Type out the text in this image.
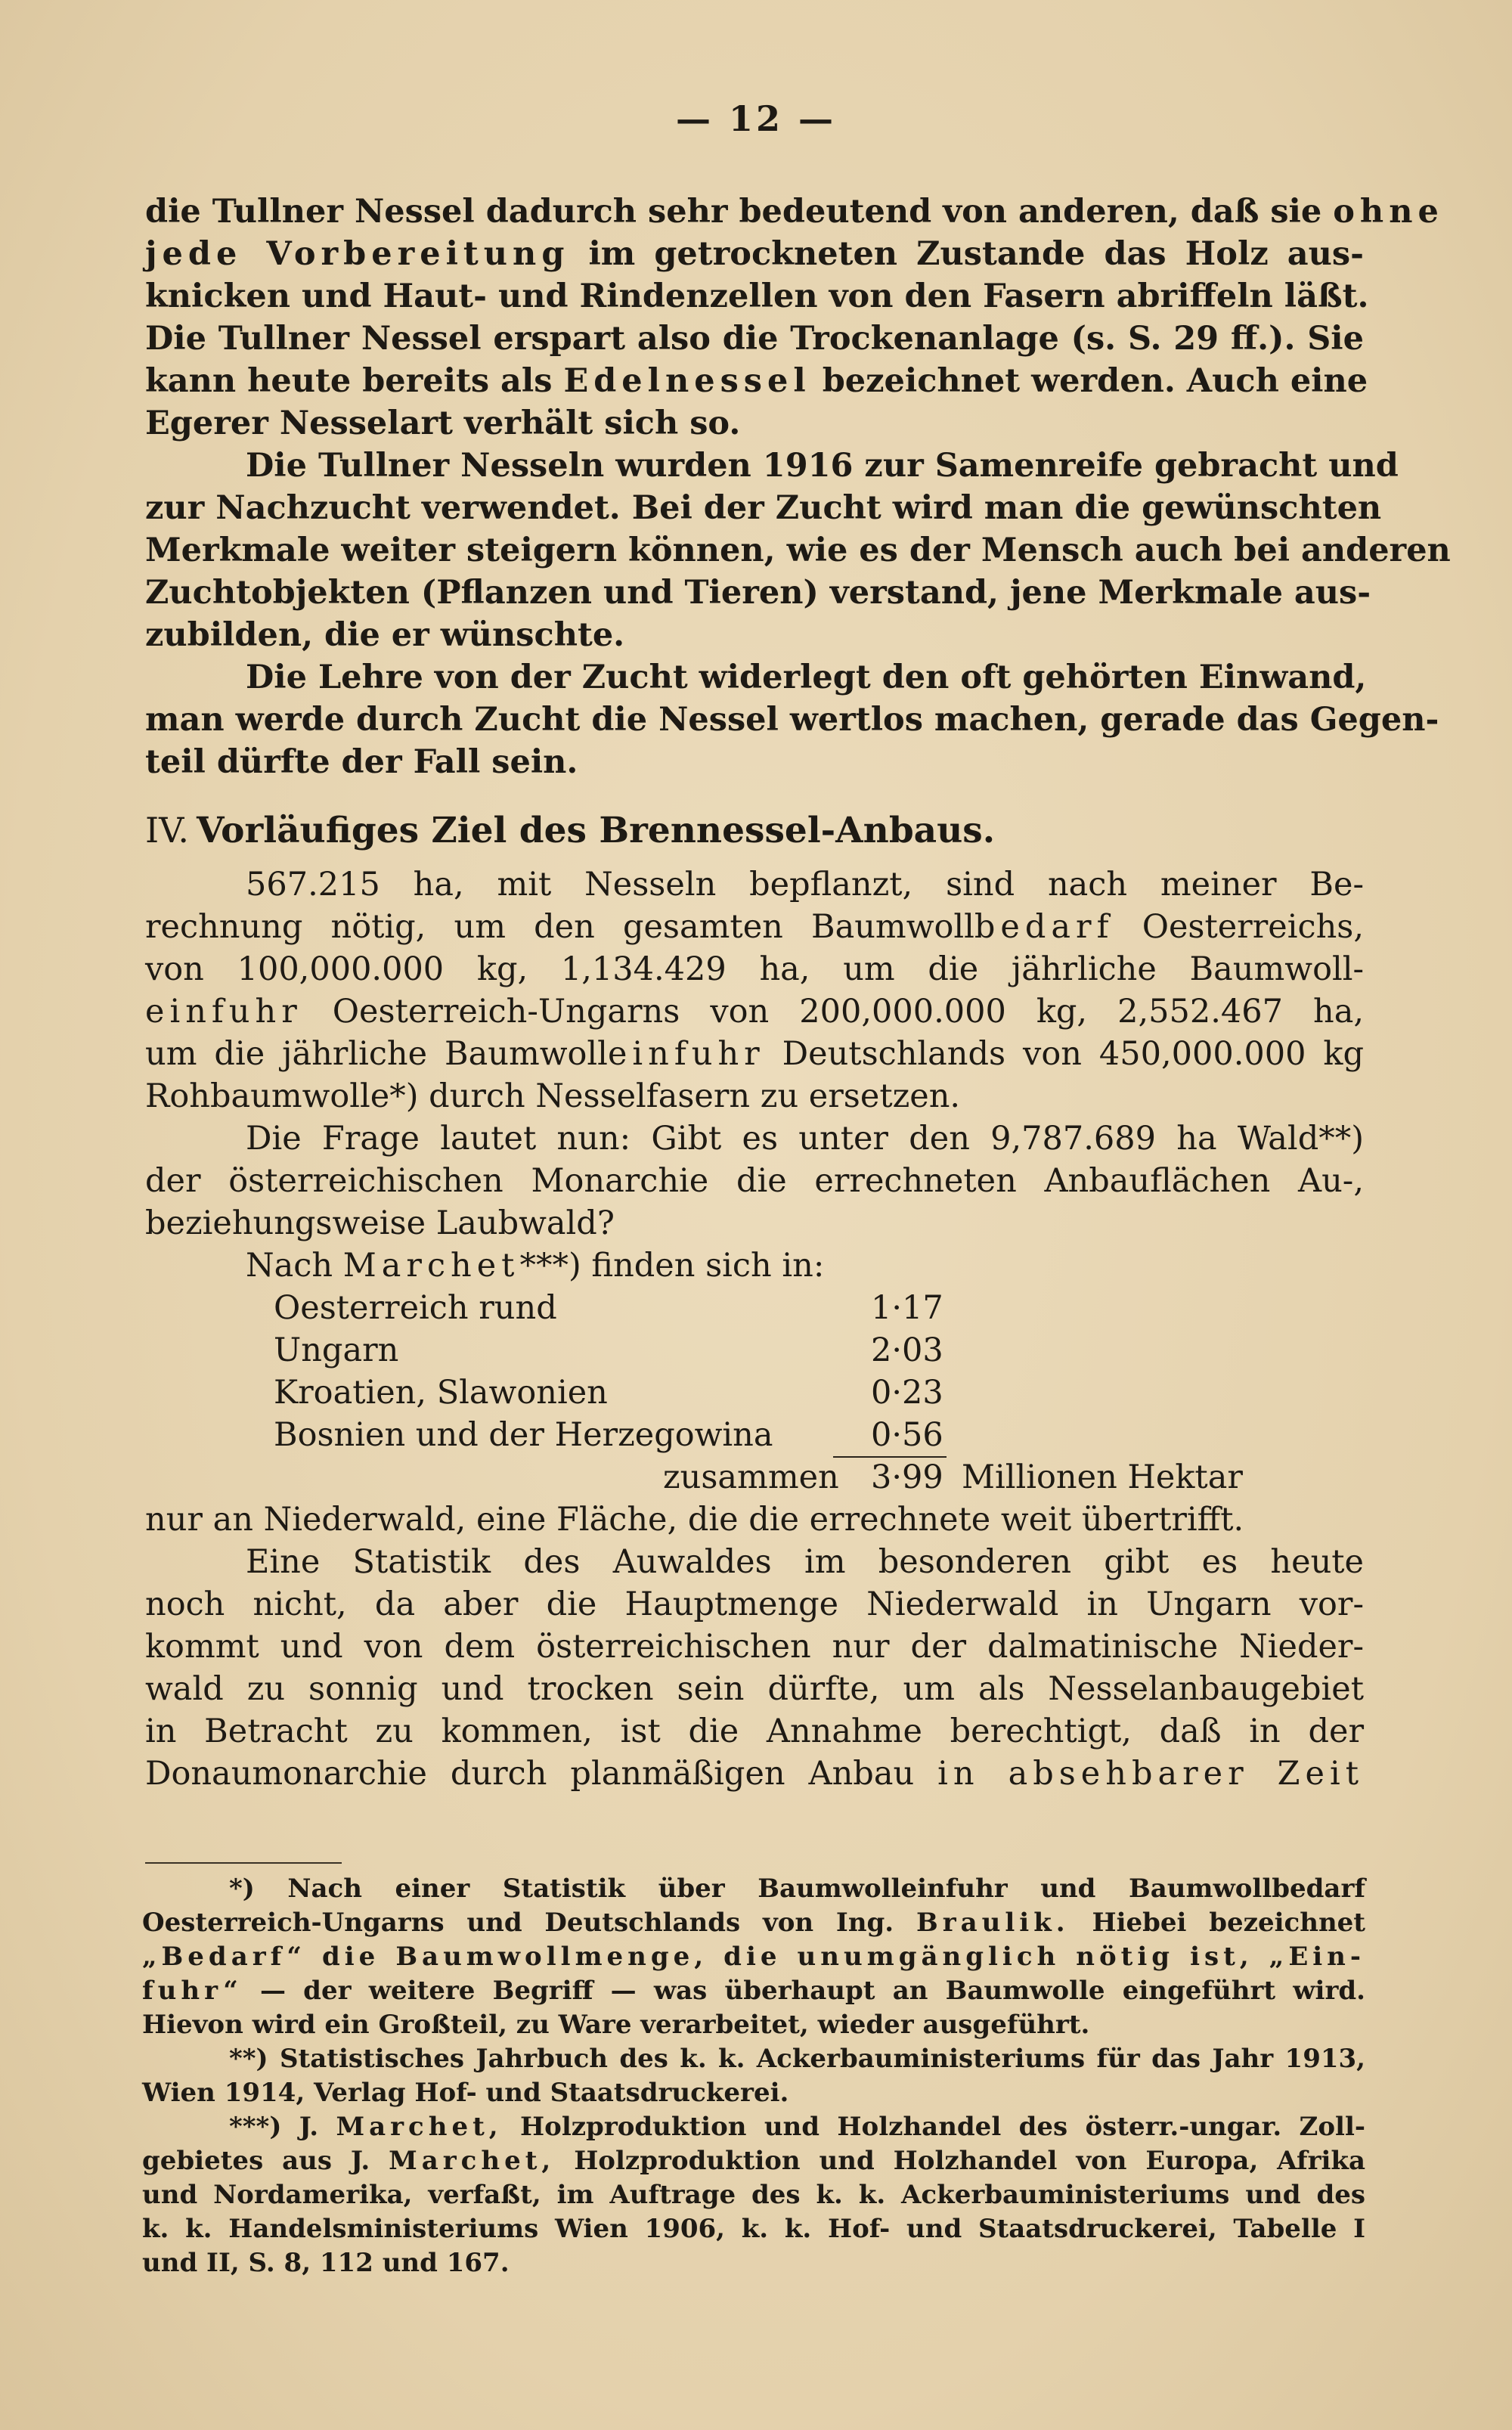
— 12 —
die Tullner Nessel dadurch sehr bedeutend von anderen, daß sie ohne
jede Vorbereitung im getrockneten Zustande das Holz aus-
knicken und Haut- und Rindenzellen von den Fasern abriffeln läßt.
Die Tullner Nessel erspart also die Trockenanlage (s. S. 29 ff.). Sie
kann heute bereits als Edelnessel bezeichnet werden. Auch eine
Egerer Nesselart verhält sich so.
Die Tullner Nesseln wurden 1916 zur Samenreife gebracht und
zur Nachzucht verwendet. Bei der Zucht wird man die gewünschten
Merkmale weiter steigern können, wie es der Mensch auch bei anderen
Zuchtobjekten (Pflanzen und Tieren) verstand, jene Merkmale aus-
zubilden, die er wünschte.
Die Lehre von der Zucht widerlegt den oft gehörten Einwand,
man werde durch Zucht die Nessel wertlos machen, gerade das Gegen-
teil dürfte der Fall sein.
IV. Vorläufiges Ziel des Brennessel-Anbaus.
567.215 ha, mit Nesseln bepflanzt, sind nach meiner Be-
rechnung nötig, um den gesamten Baumwollbedarf Oesterreichs,
von 100,000.000 kg, 1,134.429 ha, um die jährliche Baumwoll-
einfuhr Oesterreich-Ungarns von 200,000.000 kg, 2,552.467 ha,
um die jährliche Baumwolleinfuhr Deutschlands von 450,000.000 kg
Rohbaumwolle*) durch Nesselfasern zu ersetzen.
Die Frage lautet nun: Gibt es unter den 9,787.689 ha Wald**)
der österreichischen Monarchie die errechneten Anbauflächen Au-,
beziehungsweise Laubwald?
Nach Marchet***) finden sich in:
Oesterreich rund	1·17
Ungarn	2·03
Kroatien, Slawonien	0·23
Bosnien und der Herzegowina	0·56
zusammen 3·99 Millionen Hektar
nur an Niederwald, eine Fläche, die die errechnete weit übertrifft.
Eine Statistik des Auwaldes im besonderen gibt es heute
noch nicht, da aber die Hauptmenge Niederwald in Ungarn vor-
kommt und von dem österreichischen nur der dalmatinische Nieder-
wald zu sonnig und trocken sein dürfte, um als Nesselanbaugebiet
in Betracht zu kommen, ist die Annahme berechtigt, daß in der
Donaumonarchie durch planmäßigen Anbau in absehbarer Zeit
*) Nach einer Statistik über Baumwolleinfuhr und Baumwollbedarf
Oesterreich-Ungarns und Deutschlands von Ing. Braulik. Hiebei bezeichnet
„Bedarf“ die Baumwollmenge, die unumgänglich nötig ist, „Ein-
fuhr“ — der weitere Begriff — was überhaupt an Baumwolle eingeführt wird.
Hievon wird ein Großteil, zu Ware verarbeitet, wieder ausgeführt.
**) Statistisches Jahrbuch des k. k. Ackerbauministeriums für das Jahr 1913,
Wien 1914, Verlag Hof- und Staatsdruckerei.
***) J. Marchet, Holzproduktion und Holzhandel des österr.-ungar. Zoll-
gebietes aus J. Marchet, Holzproduktion und Holzhandel von Europa, Afrika
und Nordamerika, verfaßt, im Auftrage des k. k. Ackerbauministeriums und des
k. k. Handelsministeriums Wien 1906, k. k. Hof- und Staatsdruckerei, Tabelle I
und II, S. 8, 112 und 167.
